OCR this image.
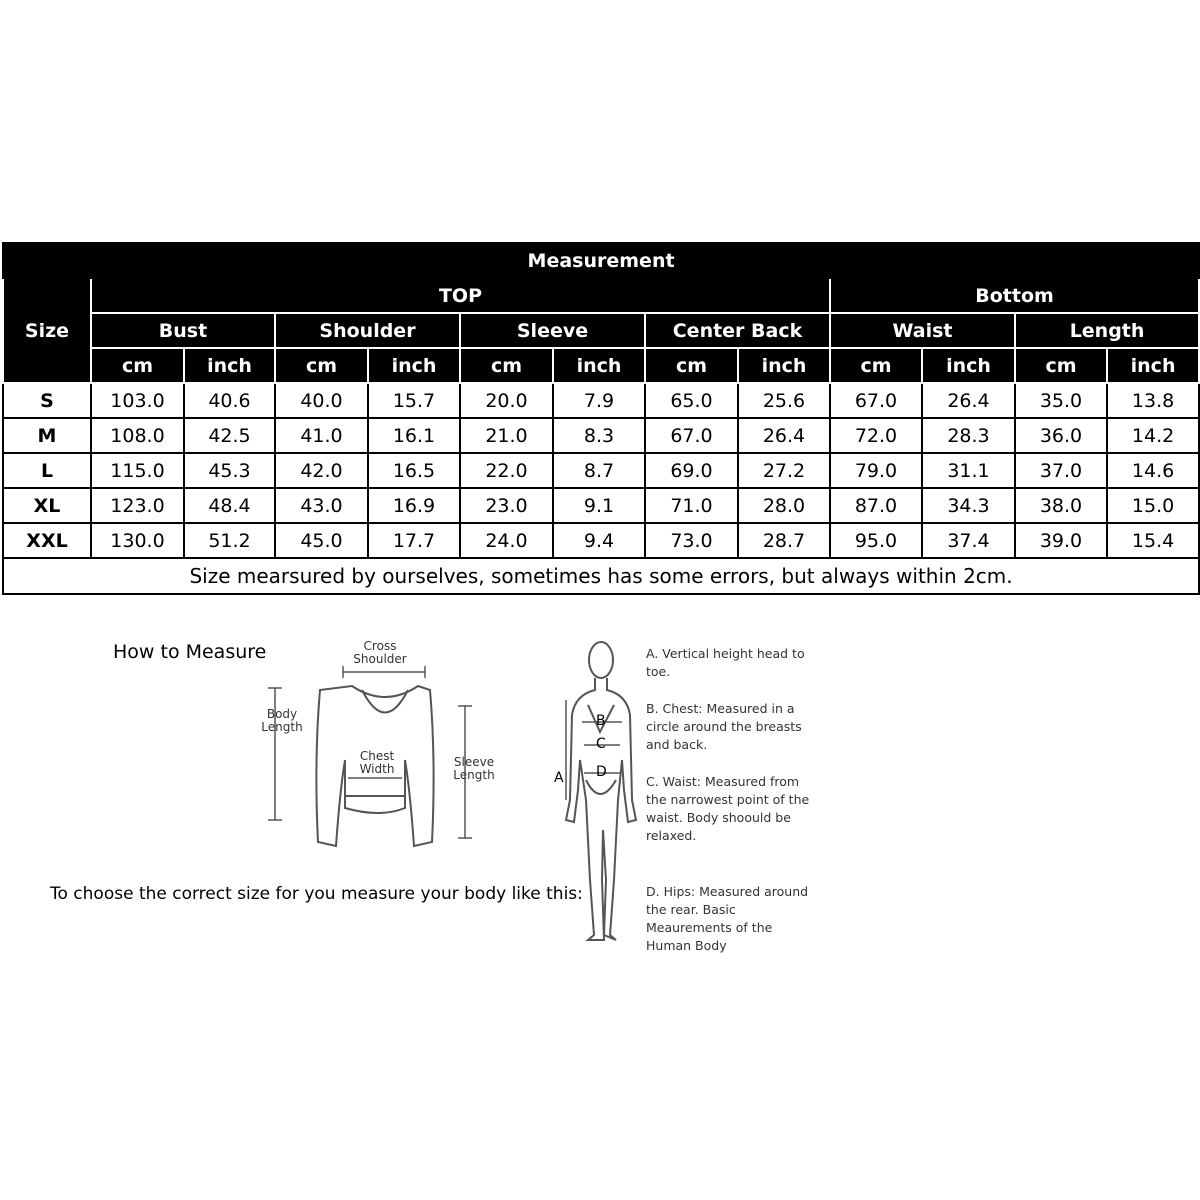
Measurement												
Size	TOP								Bottom			
	Bust		Shoulder		Sleeve		Center Back		Waist		Length	
	cm	inch	cm	inch	cm	inch	cm	inch	cm	inch	cm	inch
S	103.0	40.6	40.0	15.7	20.0	7.9	65.0	25.6	67.0	26.4	35.0	13.8
M	108.0	42.5	41.0	16.1	21.0	8.3	67.0	26.4	72.0	28.3	36.0	14.2
L	115.0	45.3	42.0	16.5	22.0	8.7	69.0	27.2	79.0	31.1	37.0	14.6
XL	123.0	48.4	43.0	16.9	23.0	9.1	71.0	28.0	87.0	34.3	38.0	15.0
XXL	130.0	51.2	45.0	17.7	24.0	9.4	73.0	28.7	95.0	37.4	39.0	15.4
Size mearsured by ourselves, sometimes has some errors, but always within 2cm.												
How to Measure
To choose the correct size for you measure your body like this:
Cross Shoulder
Body Length
Chest Width
Sleeve Length	A
B
C
D
A. Vertical height head to toe.
B. Chest: Measured in a circle around the breasts and back.
C. Waist: Measured from the narrowest point of the waist. Body shoould be relaxed.
D. Hips: Measured around the rear. Basic Meaurements of the Human Body
